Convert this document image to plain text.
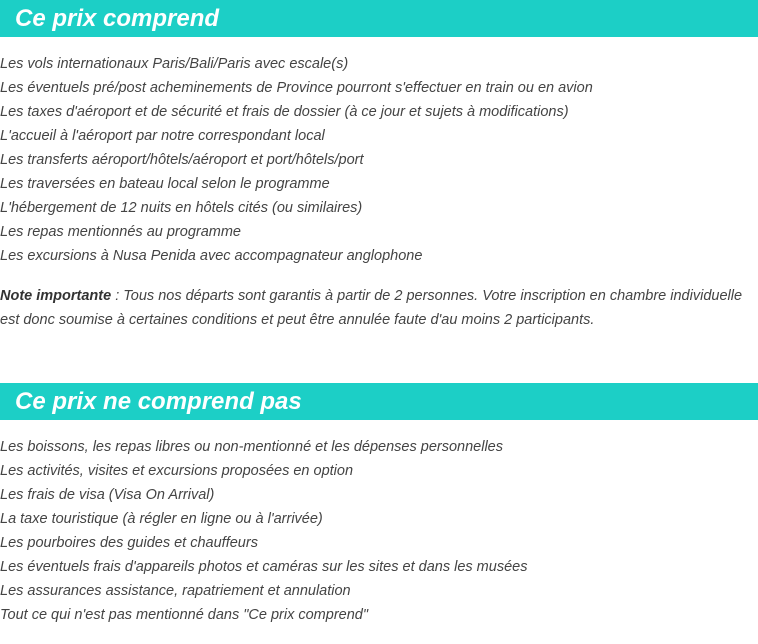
Ce prix comprend
Les vols internationaux Paris/Bali/Paris avec escale(s)
Les éventuels pré/post acheminements de Province pourront s'effectuer en train ou en avion
Les taxes d'aéroport et de sécurité et frais de dossier (à ce jour et sujets à modifications)
L'accueil à l'aéroport par notre correspondant local
Les transferts aéroport/hôtels/aéroport et port/hôtels/port
Les traversées en bateau local selon le programme
L'hébergement de 12 nuits en hôtels cités (ou similaires)
Les repas mentionnés au programme
Les excursions à Nusa Penida avec accompagnateur anglophone

Note importante : Tous nos départs sont garantis à partir de 2 personnes. Votre inscription en chambre individuelle est donc soumise à certaines conditions et peut être annulée faute d'au moins 2 participants.

Ce prix ne comprend pas
Les boissons, les repas libres ou non-mentionné et les dépenses personnelles
Les activités, visites et excursions proposées en option
Les frais de visa (Visa On Arrival)
La taxe touristique (à régler en ligne ou à l'arrivée)
Les pourboires des guides et chauffeurs
Les éventuels frais d'appareils photos et caméras sur les sites et dans les musées
Les assurances assistance, rapatriement et annulation
Tout ce qui n'est pas mentionné dans "Ce prix comprend"
